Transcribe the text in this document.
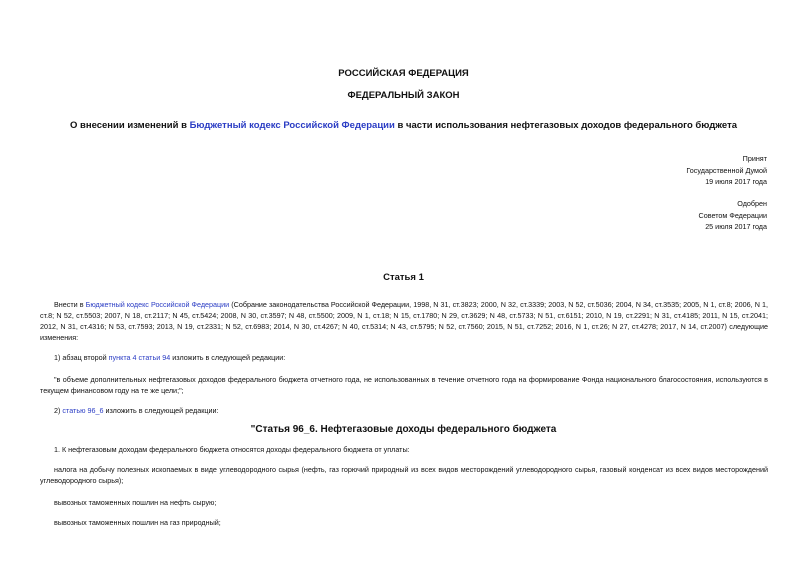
РОССИЙСКАЯ ФЕДЕРАЦИЯ
ФЕДЕРАЛЬНЫЙ ЗАКОН
О внесении изменений в Бюджетный кодекс Российской Федерации в части использования нефтегазовых доходов федерального бюджета
Принят
Государственной Думой
19 июля 2017 года
Одобрен
Советом Федерации
25 июля 2017 года
Статья 1
Внести в Бюджетный кодекс Российской Федерации (Собрание законодательства Российской Федерации, 1998, N 31, ст.3823; 2000, N 32, ст.3339; 2003, N 52, ст.5036; 2004, N 34, ст.3535; 2005, N 1, ст.8; 2006, N 1, ст.8; N 52, ст.5503; 2007, N 18, ст.2117; N 45, ст.5424; 2008, N 30, ст.3597; N 48, ст.5500; 2009, N 1, ст.18; N 15, ст.1780; N 29, ст.3629; N 48, ст.5733; N 51, ст.6151; 2010, N 19, ст.2291; N 31, ст.4185; 2011, N 15, ст.2041; 2012, N 31, ст.4316; N 53, ст.7593; 2013, N 19, ст.2331; N 52, ст.6983; 2014, N 30, ст.4267; N 40, ст.5314; N 43, ст.5795; N 52, ст.7560; 2015, N 51, ст.7252; 2016, N 1, ст.26; N 27, ст.4278; 2017, N 14, ст.2007) следующие изменения:
1) абзац второй пункта 4 статьи 94 изложить в следующей редакции:
"в объеме дополнительных нефтегазовых доходов федерального бюджета отчетного года, не использованных в течение отчетного года на формирование Фонда национального благосостояния, используются в текущем финансовом году на те же цели;";
2) статью 96_6 изложить в следующей редакции:
"Статья 96_6. Нефтегазовые доходы федерального бюджета
1. К нефтегазовым доходам федерального бюджета относятся доходы федерального бюджета от уплаты:
налога на добычу полезных ископаемых в виде углеводородного сырья (нефть, газ горючий природный из всех видов месторождений углеводородного сырья, газовый конденсат из всех видов месторождений углеводородного сырья);
вывозных таможенных пошлин на нефть сырую;
вывозных таможенных пошлин на газ природный;
